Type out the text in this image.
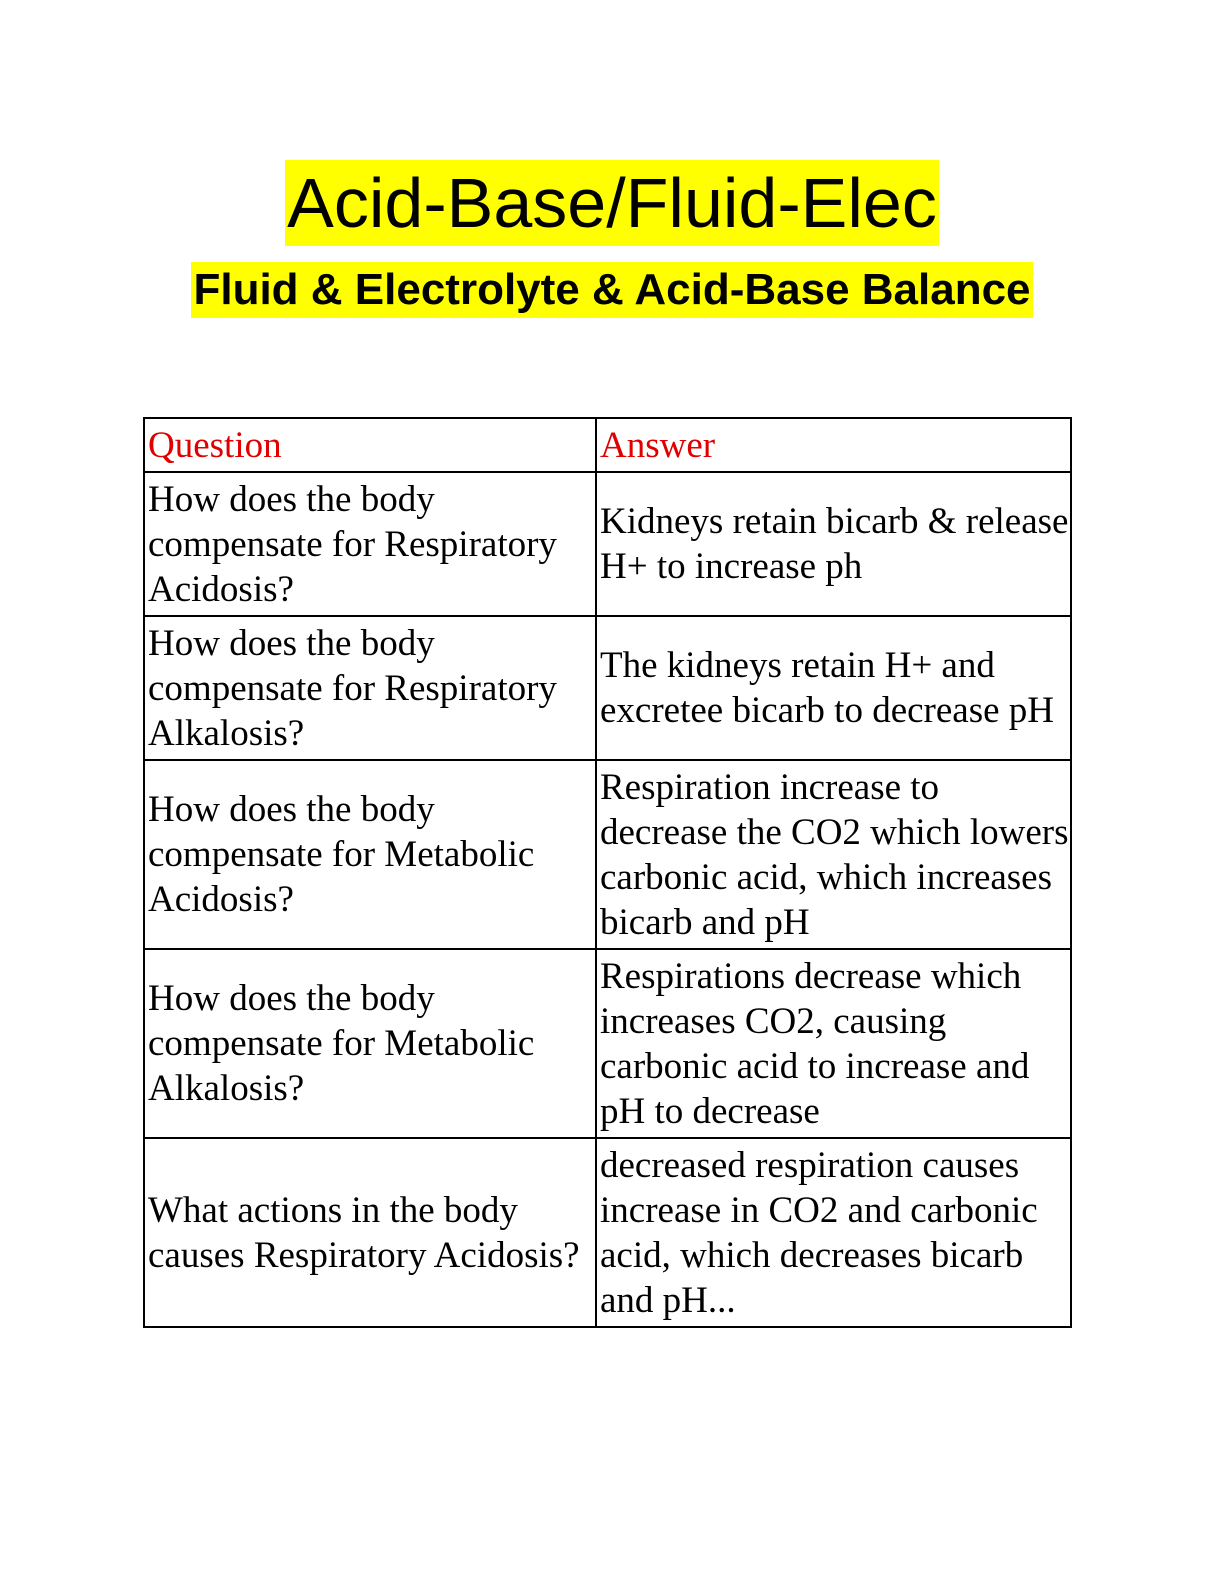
Acid-Base/Fluid-Elec
Fluid & Electrolyte & Acid-Base Balance
Question	Answer
How does the body compensate for Respiratory Acidosis?	Kidneys retain bicarb & release H+ to increase ph
How does the body compensate for Respiratory Alkalosis?	The kidneys retain H+ and excretee bicarb to decrease pH
How does the body compensate for Metabolic Acidosis?	Respiration increase to decrease the CO2 which lowers carbonic acid, which increases bicarb and pH
How does the body compensate for Metabolic Alkalosis?	Respirations decrease which increases CO2, causing carbonic acid to increase and pH to decrease
What actions in the body causes Respiratory Acidosis?	decreased respiration causes increase in CO2 and carbonic acid, which decreases bicarb and pH...
